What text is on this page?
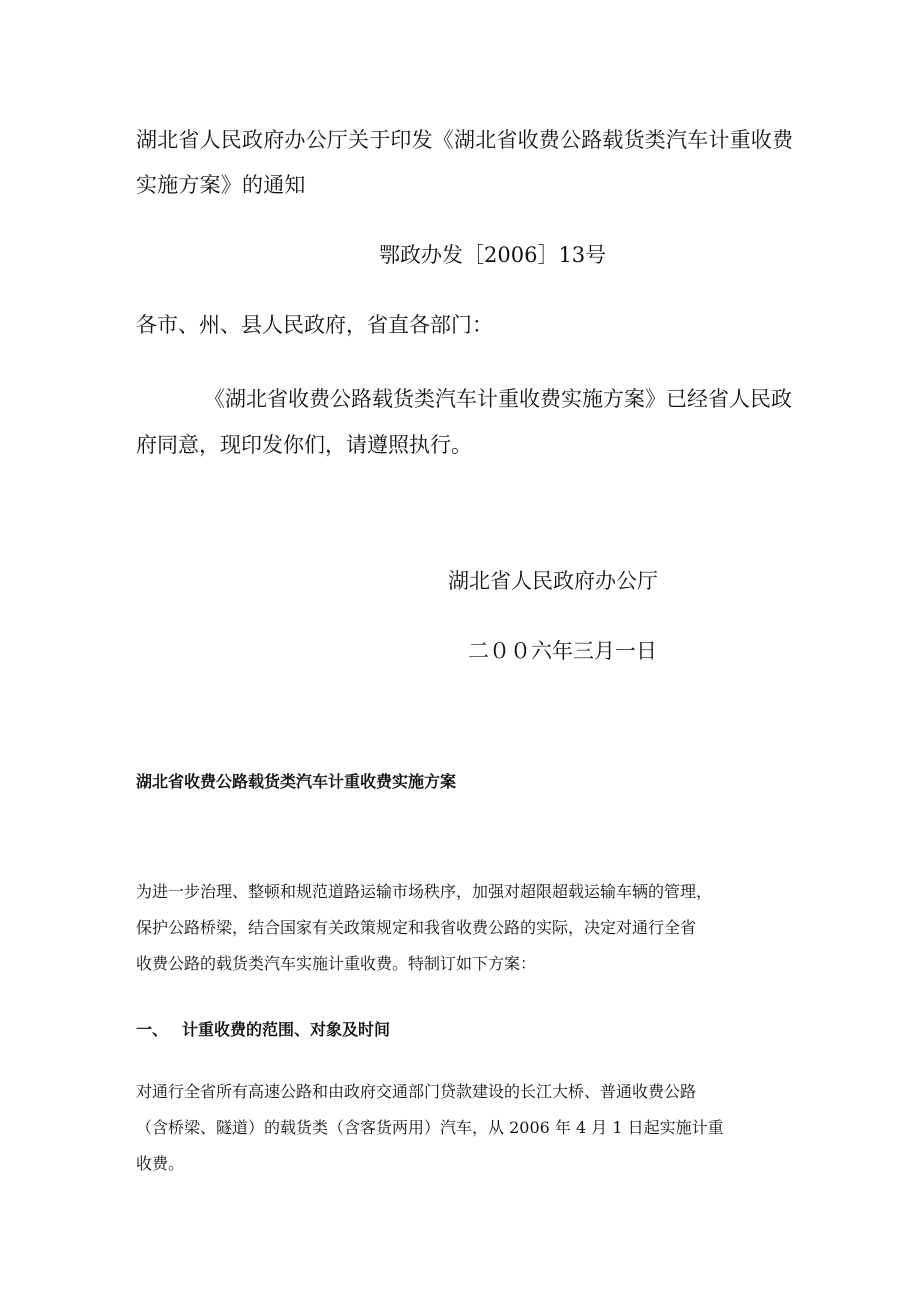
湖北省人民政府办公厅关于印发《湖北省收费公路载货类汽车计重收费
实施方案》的通知

鄂政办发［2006］13号

各市、州、县人民政府，省直各部门：

《湖北省收费公路载货类汽车计重收费实施方案》已经省人民政
府同意，现印发你们，请遵照执行。

湖北省人民政府办公厅

二００六年三月一日

湖北省收费公路载货类汽车计重收费实施方案

为进一步治理、整顿和规范道路运输市场秩序，加强对超限超载运输车辆的管理，
保护公路桥梁，结合国家有关政策规定和我省收费公路的实际，决定对通行全省
收费公路的载货类汽车实施计重收费。特制订如下方案：

一、 计重收费的范围、对象及时间

对通行全省所有高速公路和由政府交通部门贷款建设的长江大桥、普通收费公路
（含桥梁、隧道）的载货类（含客货两用）汽车，从 2006 年 4 月 1 日起实施计重
收费。
